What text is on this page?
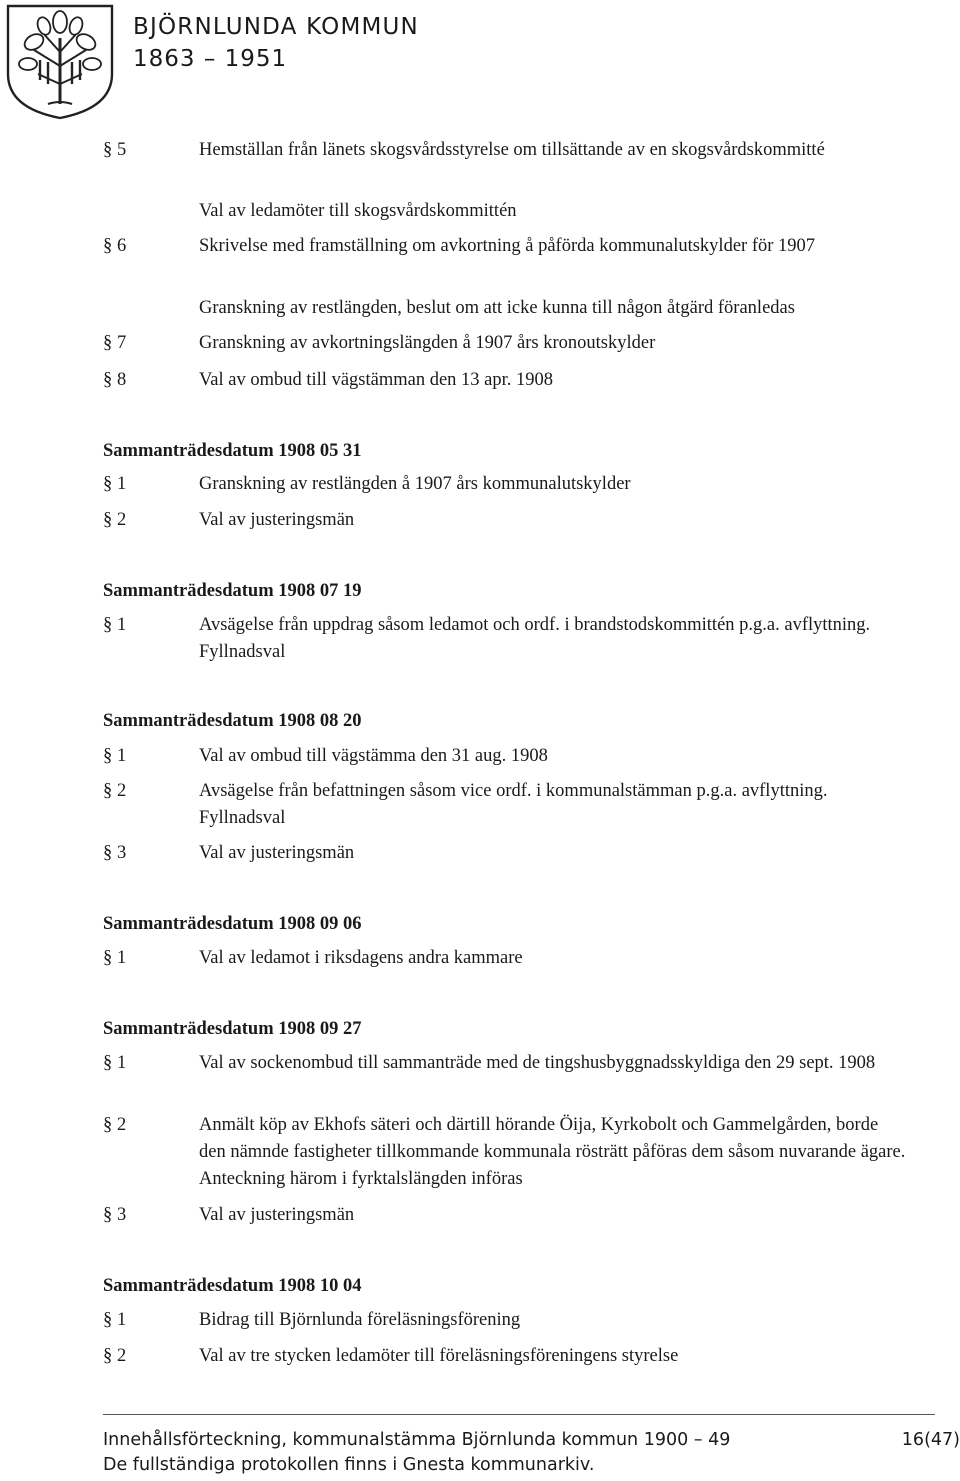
BJÖRNLUNDA KOMMUN
1863 – 1951
§ 5	Hemställan från länets skogsvårdsstyrelse om tillsättande av en skogsvårdskommitté
Val av ledamöter till skogsvårdskommittén
§ 6	Skrivelse med framställning om avkortning å påförda kommunalutskylder för 1907
Granskning av restlängden, beslut om att icke kunna till någon åtgärd föranledas
§ 7	Granskning av avkortningslängden å 1907 års kronoutskylder
§ 8	Val av ombud till vägstämman den 13 apr. 1908
Sammanträdesdatum 1908 05 31
§ 1	Granskning av restlängden å 1907 års kommunalutskylder
§ 2	Val av justeringsmän
Sammanträdesdatum 1908 07 19
§ 1	Avsägelse från uppdrag såsom ledamot och ordf. i brandstodskommittén p.g.a. avflyttning. Fyllnadsval
Sammanträdesdatum 1908 08 20
§ 1	Val av ombud till vägstämma den 31 aug. 1908
§ 2	Avsägelse från befattningen såsom vice ordf. i kommunalstämman p.g.a. avflyttning. Fyllnadsval
§ 3	Val av justeringsmän
Sammanträdesdatum 1908 09 06
§ 1	Val av ledamot i riksdagens andra kammare
Sammanträdesdatum 1908 09 27
§ 1	Val av sockenombud till sammanträde med de tingshusbyggnadsskyldiga den 29 sept. 1908
§ 2	Anmält köp av Ekhofs säteri och därtill hörande Öija, Kyrkobolt och Gammelgården, borde den nämnde fastigheter tillkommande kommunala rösträtt påföras dem såsom nuvarande ägare. Anteckning härom i fyrktalslängden införas
§ 3	Val av justeringsmän
Sammanträdesdatum 1908 10 04
§ 1	Bidrag till Björnlunda föreläsningsförening
§ 2	Val av tre stycken ledamöter till föreläsningsföreningens styrelse
Innehållsförteckning, kommunalstämma Björnlunda kommun 1900 – 49
De fullständiga protokollen finns i Gnesta kommunarkiv.
16(47)
